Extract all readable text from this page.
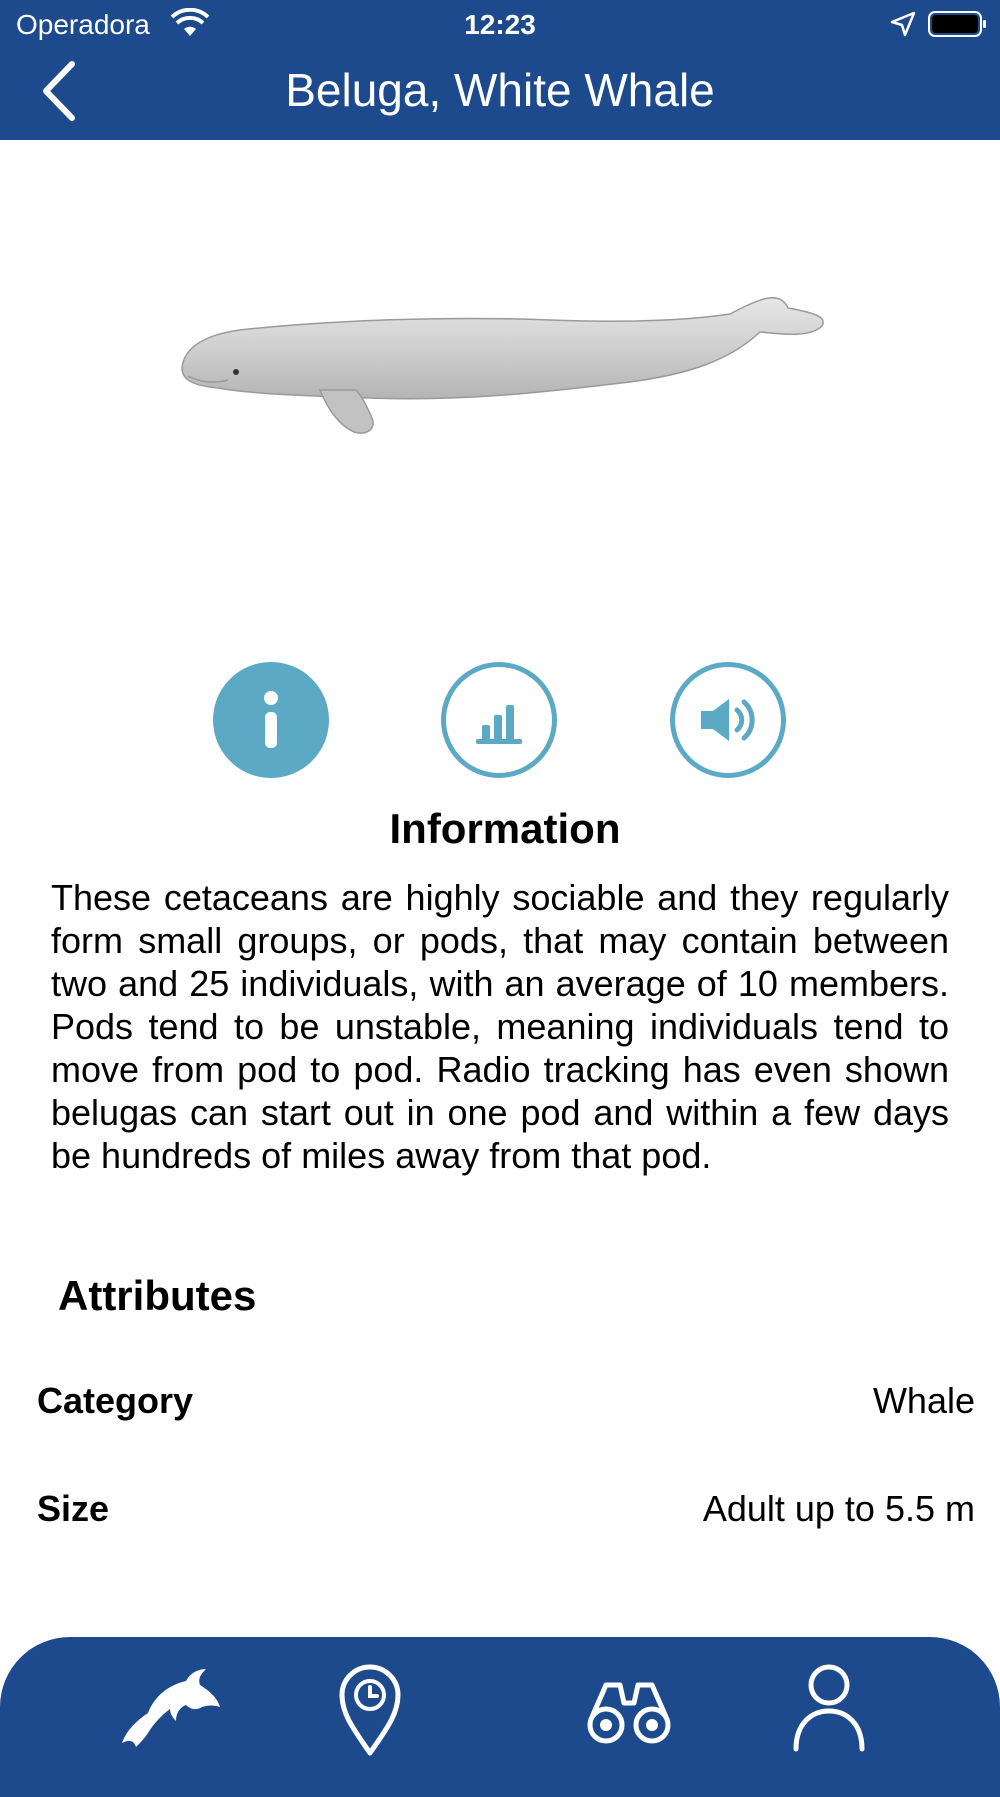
Operadora	12:23
Beluga, White Whale
Information
These cetaceans are highly sociable and they regularly form small groups, or pods, that may contain between two and 25 individuals, with an average of 10 members. Pods tend to be unstable, meaning individuals tend to move from pod to pod. Radio tracking has even shown belugas can start out in one pod and within a few days be hundreds of miles away from that pod.
Attributes
Category	Whale
Size	Adult up to 5.5 m
